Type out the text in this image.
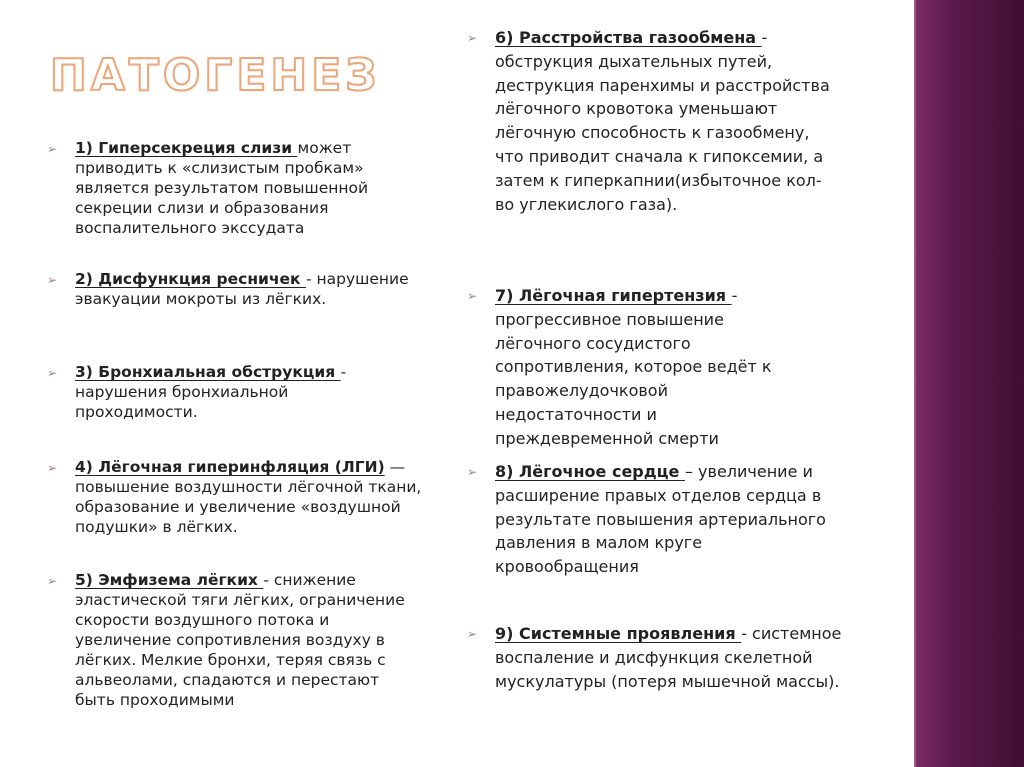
ПАТОГЕНЕЗ
➢ 1) Гиперсекреция слизи может приводить к «слизистым пробкам» является результатом повышенной секреции слизи и образования воспалительного экссудата
➢ 2) Дисфункция ресничек - нарушение эвакуации мокроты из лёгких.
➢ 3) Бронхиальная обструкция - нарушения бронхиальной проходимости.
➢ 4) Лёгочная гиперинфляция (ЛГИ) — повышение воздушности лёгочной ткани, образование и увеличение «воздушной подушки» в лёгких.
➢ 5) Эмфизема лёгких - снижение эластической тяги лёгких, ограничение скорости воздушного потока и увеличение сопротивления воздуху в лёгких. Мелкие бронхи, теряя связь с альвеолами, спадаются и перестают быть проходимыми
➢ 6) Расстройства газообмена - обструкция дыхательных путей, деструкция паренхимы и расстройства лёгочного кровотока уменьшают лёгочную способность к газообмену, что приводит сначала к гипоксемии, а затем к гиперкапнии(избыточное кол-во углекислого газа).
➢ 7) Лёгочная гипертензия - прогрессивное повышение лёгочного сосудистого сопротивления, которое ведёт к правожелудочковой недостаточности и преждевременной смерти
➢ 8) Лёгочное сердце – увеличение и расширение правых отделов сердца в результате повышения артериального давления в малом круге кровообращения
➢ 9) Системные проявления - системное воспаление и дисфункция скелетной мускулатуры (потеря мышечной массы).
